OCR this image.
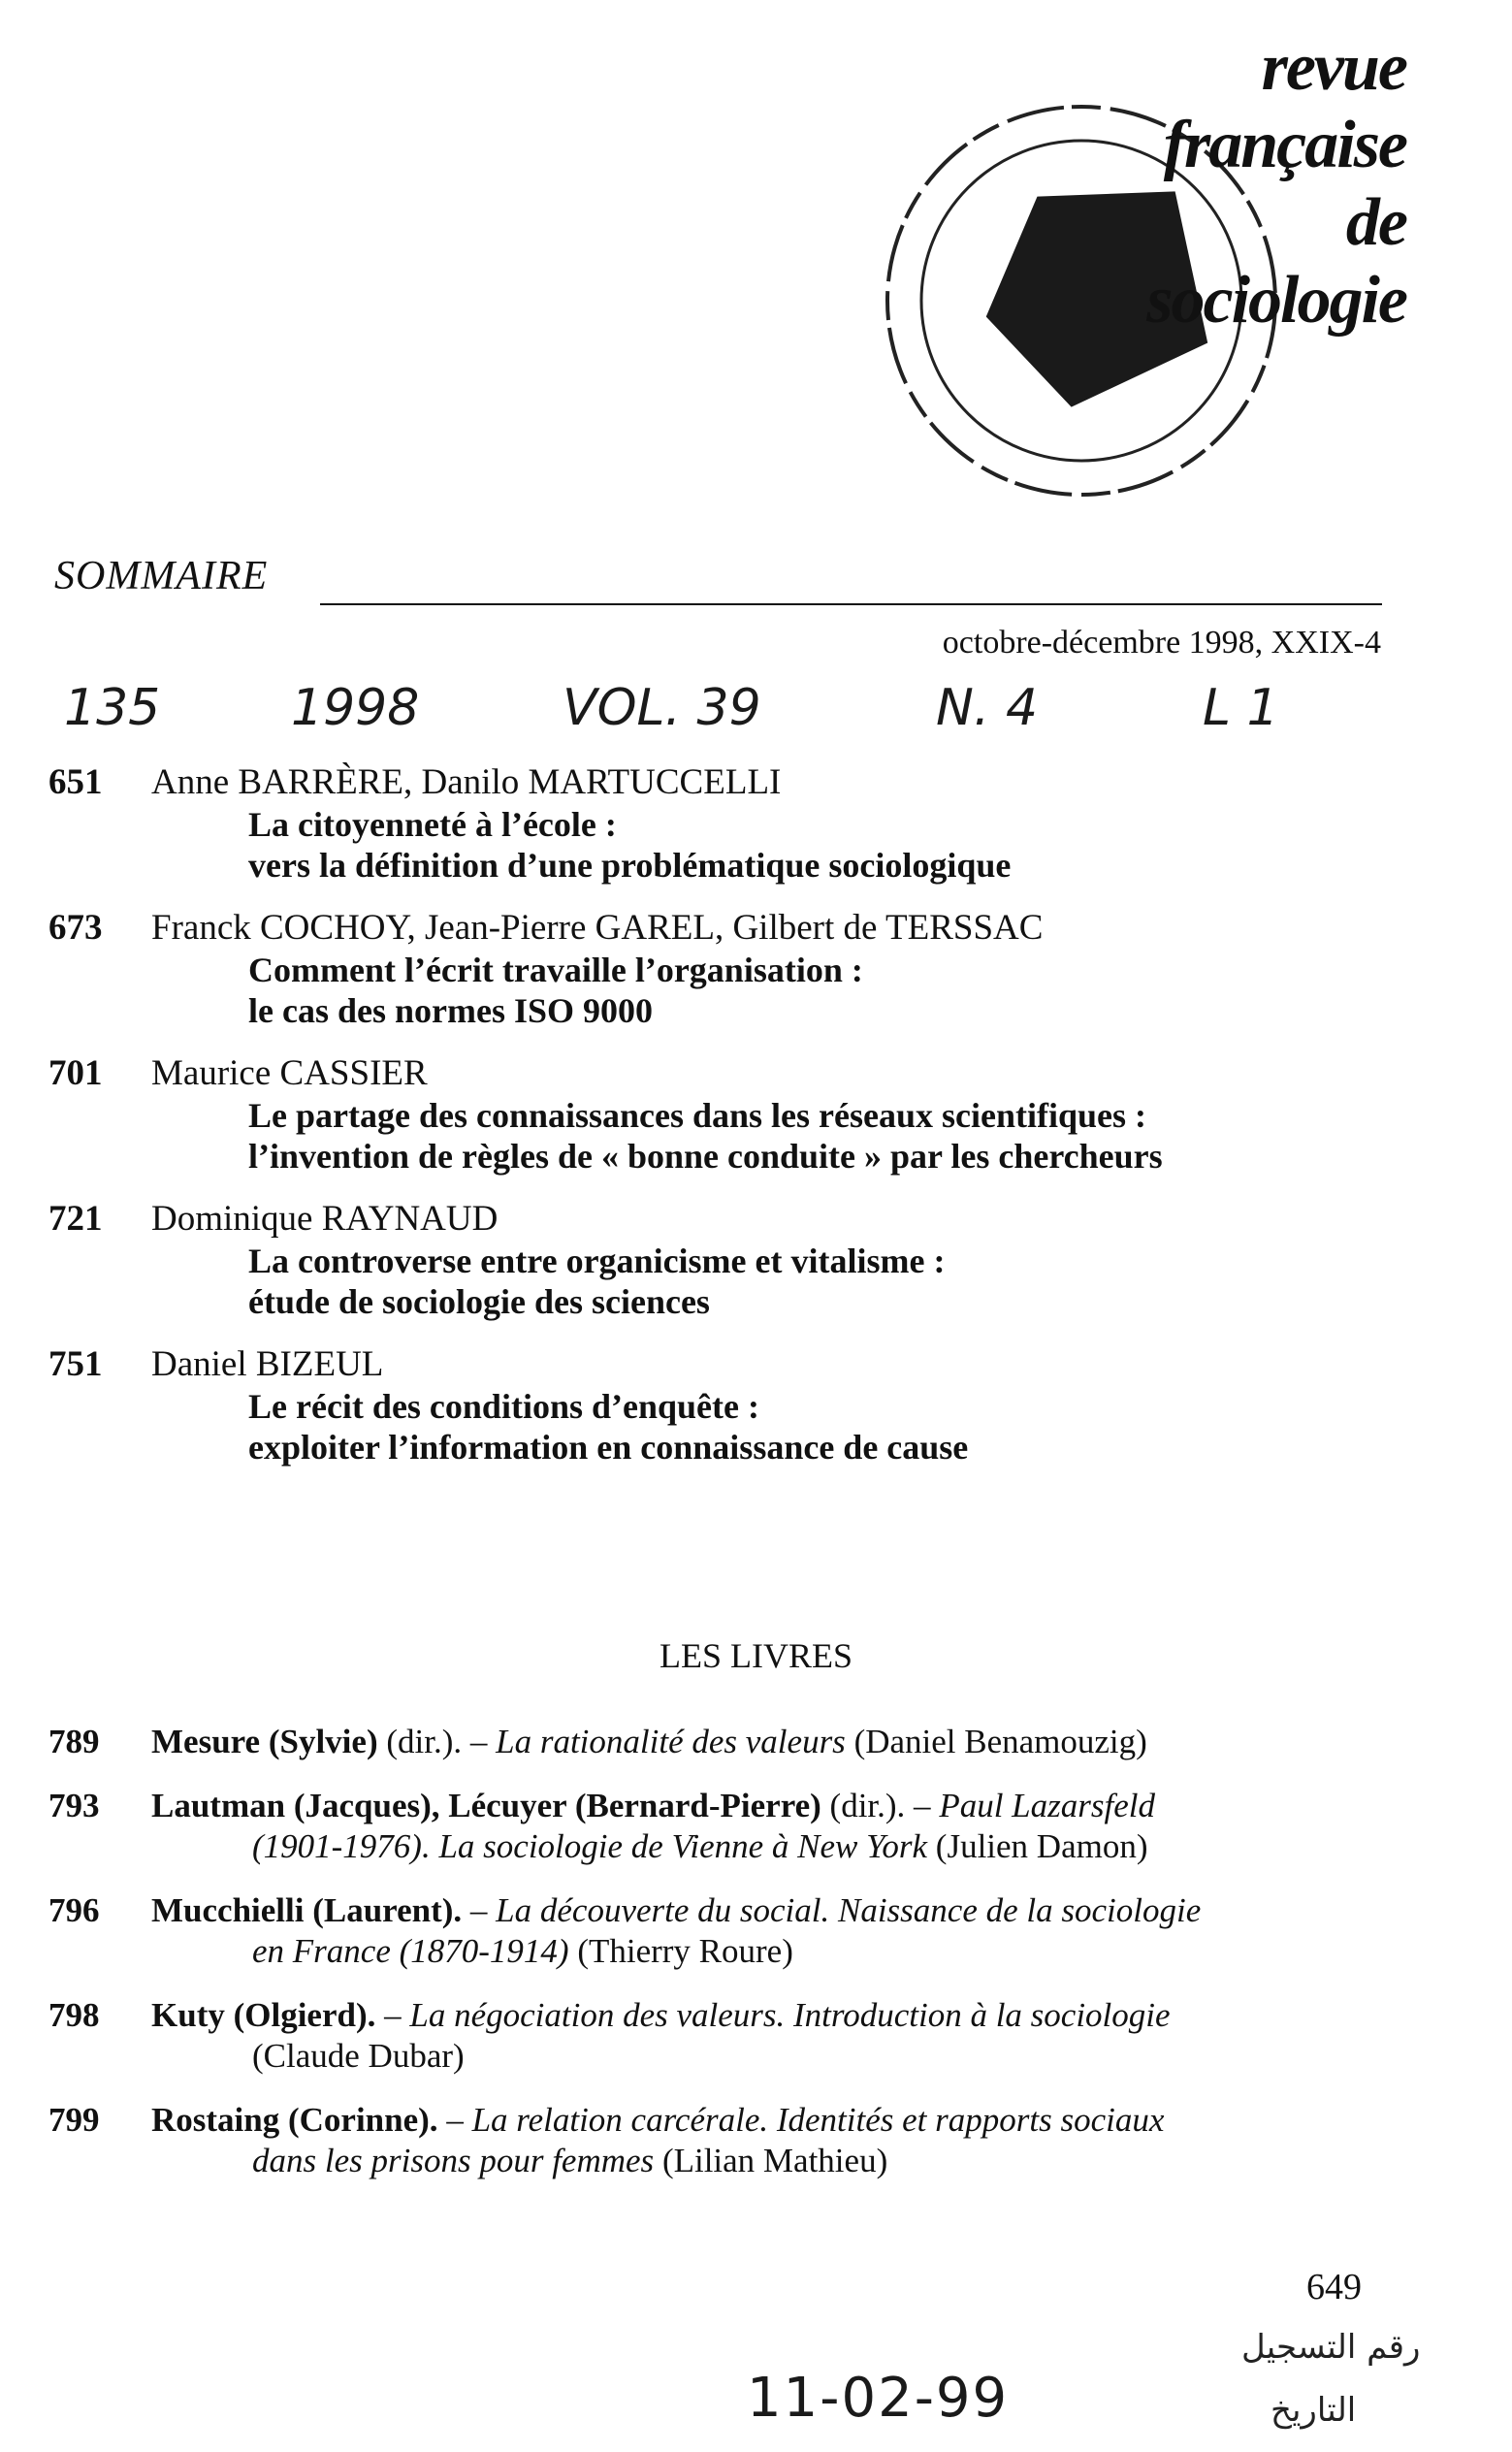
revue
française
de
sociologie
SOMMAIRE
octobre-décembre 1998, XXIX-4
135	1998	VOL. 39	N. 4	L 1
651	Anne BARRÈRE, Danilo MARTUCCELLI
La citoyenneté à l’école :
vers la définition d’une problématique sociologique
673	Franck COCHOY, Jean-Pierre GAREL, Gilbert de TERSSAC
Comment l’écrit travaille l’organisation :
le cas des normes ISO 9000
701	Maurice CASSIER
Le partage des connaissances dans les réseaux scientifiques :
l’invention de règles de « bonne conduite » par les chercheurs
721	Dominique RAYNAUD
La controverse entre organicisme et vitalisme :
étude de sociologie des sciences
751	Daniel BIZEUL
Le récit des conditions d’enquête :
exploiter l’information en connaissance de cause
LES LIVRES
789	Mesure (Sylvie) (dir.). – La rationalité des valeurs (Daniel Benamouzig)
793	Lautman (Jacques), Lécuyer (Bernard-Pierre) (dir.). – Paul Lazarsfeld
(1901-1976). La sociologie de Vienne à New York (Julien Damon)
796	Mucchielli (Laurent). – La découverte du social. Naissance de la sociologie
en France (1870-1914) (Thierry Roure)
798	Kuty (Olgierd). – La négociation des valeurs. Introduction à la sociologie
(Claude Dubar)
799	Rostaing (Corinne). – La relation carcérale. Identités et rapports sociaux
dans les prisons pour femmes (Lilian Mathieu)
رقم التسجيل
التاريخ
649
11-02-99
